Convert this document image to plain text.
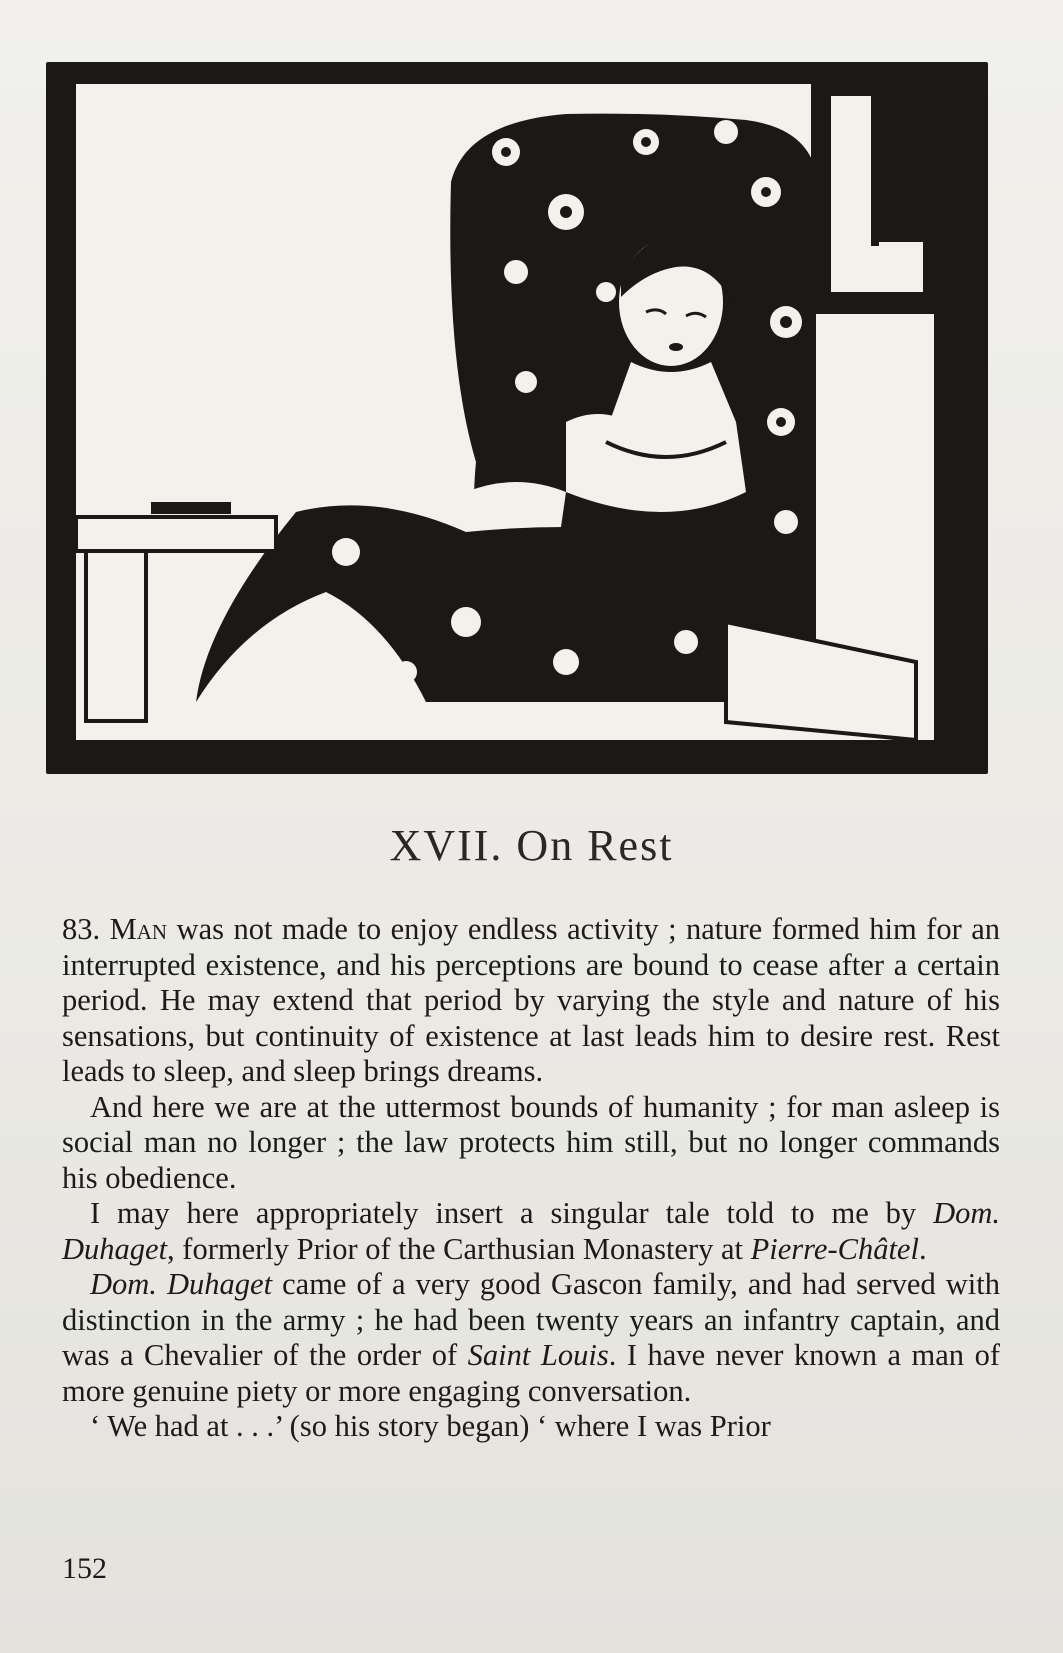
XVII. On Rest

83. Man was not made to enjoy endless activity ; nature formed him for an interrupted existence, and his perceptions are bound to cease after a certain period. He may extend that period by varying the style and nature of his sensations, but continuity of existence at last leads him to desire rest. Rest leads to sleep, and sleep brings dreams.

And here we are at the uttermost bounds of humanity ; for man asleep is social man no longer ; the law protects him still, but no longer commands his obedience.

I may here appropriately insert a singular tale told to me by Dom. Duhaget, formerly Prior of the Carthusian Monastery at Pierre-Châtel.

Dom. Duhaget came of a very good Gascon family, and had served with distinction in the army ; he had been twenty years an infantry captain, and was a Chevalier of the order of Saint Louis. I have never known a man of more genuine piety or more engaging conversation.

‘ We had at . . .’ (so his story began) ‘ where I was Prior

152
